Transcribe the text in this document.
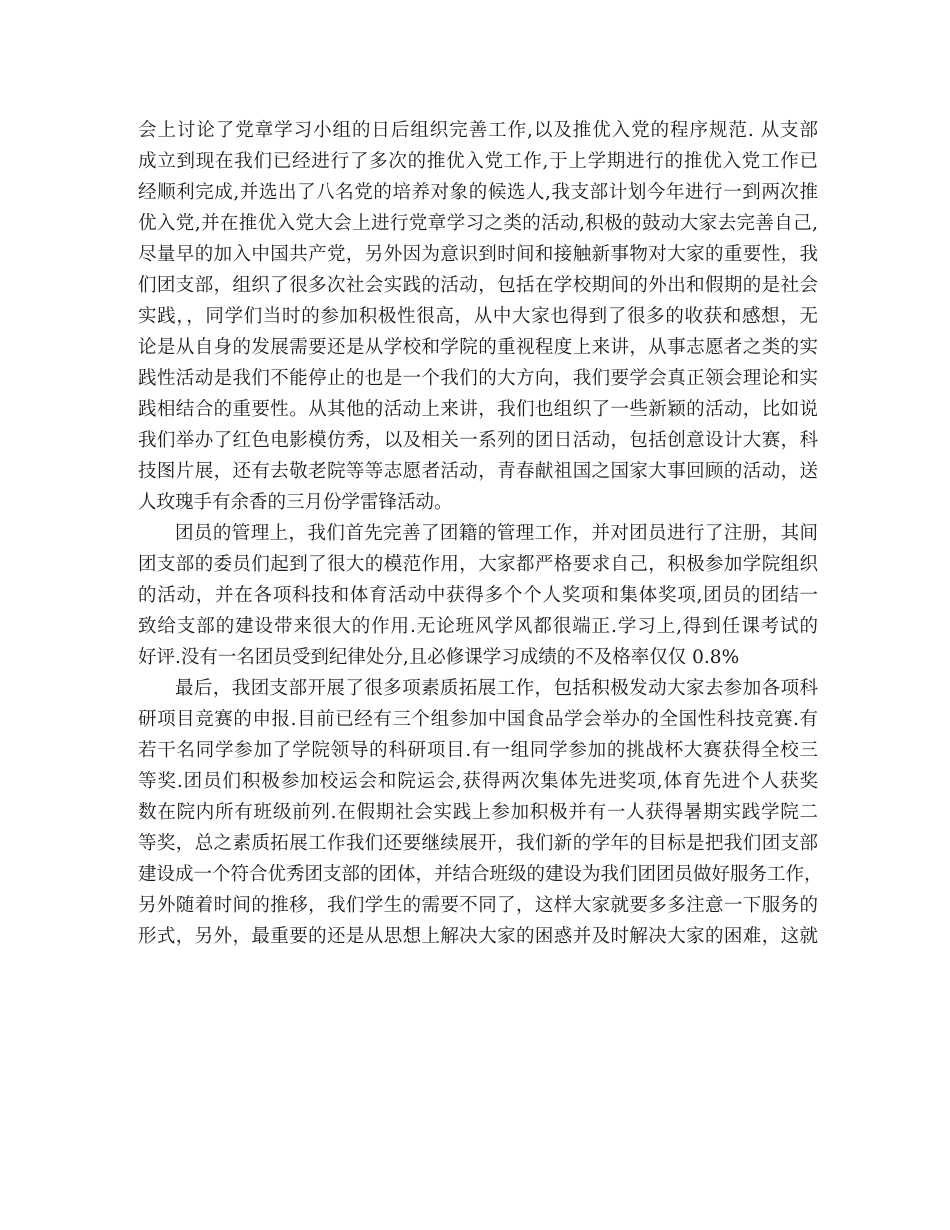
会上讨论了党章学习小组的日后组织完善工作,以及推优入党的程序规范. 从支部
成立到现在我们已经进行了多次的推优入党工作,于上学期进行的推优入党工作已
经顺利完成,并选出了八名党的培养对象的候选人,我支部计划今年进行一到两次推
优入党,并在推优入党大会上进行党章学习之类的活动,积极的鼓动大家去完善自己,
尽量早的加入中国共产党，另外因为意识到时间和接触新事物对大家的重要性，我
们团支部，组织了很多次社会实践的活动，包括在学校期间的外出和假期的是社会
实践，，同学们当时的参加积极性很高，从中大家也得到了很多的收获和感想，无
论是从自身的发展需要还是从学校和学院的重视程度上来讲，从事志愿者之类的实
践性活动是我们不能停止的也是一个我们的大方向，我们要学会真正领会理论和实
践相结合的重要性。从其他的活动上来讲，我们也组织了一些新颖的活动，比如说
我们举办了红色电影模仿秀，以及相关一系列的团日活动，包括创意设计大赛，科
技图片展，还有去敬老院等等志愿者活动，青春献祖国之国家大事回顾的活动，送
人玫瑰手有余香的三月份学雷锋活动。
团员的管理上，我们首先完善了团籍的管理工作，并对团员进行了注册，其间
团支部的委员们起到了很大的模范作用，大家都严格要求自己，积极参加学院组织
的活动，并在各项科技和体育活动中获得多个个人奖项和集体奖项,团员的团结一
致给支部的建设带来很大的作用.无论班风学风都很端正.学习上,得到任课考试的
好评.没有一名团员受到纪律处分,且必修课学习成绩的不及格率仅仅 0.8%
最后，我团支部开展了很多项素质拓展工作，包括积极发动大家去参加各项科
研项目竞赛的申报.目前已经有三个组参加中国食品学会举办的全国性科技竞赛.有
若干名同学参加了学院领导的科研项目.有一组同学参加的挑战杯大赛获得全校三
等奖.团员们积极参加校运会和院运会,获得两次集体先进奖项,体育先进个人获奖
数在院内所有班级前列.在假期社会实践上参加积极并有一人获得暑期实践学院二
等奖，总之素质拓展工作我们还要继续展开，我们新的学年的目标是把我们团支部
建设成一个符合优秀团支部的团体，并结合班级的建设为我们团团员做好服务工作，
另外随着时间的推移，我们学生的需要不同了，这样大家就要多多注意一下服务的
形式，另外，最重要的还是从思想上解决大家的困惑并及时解决大家的困难，这就
